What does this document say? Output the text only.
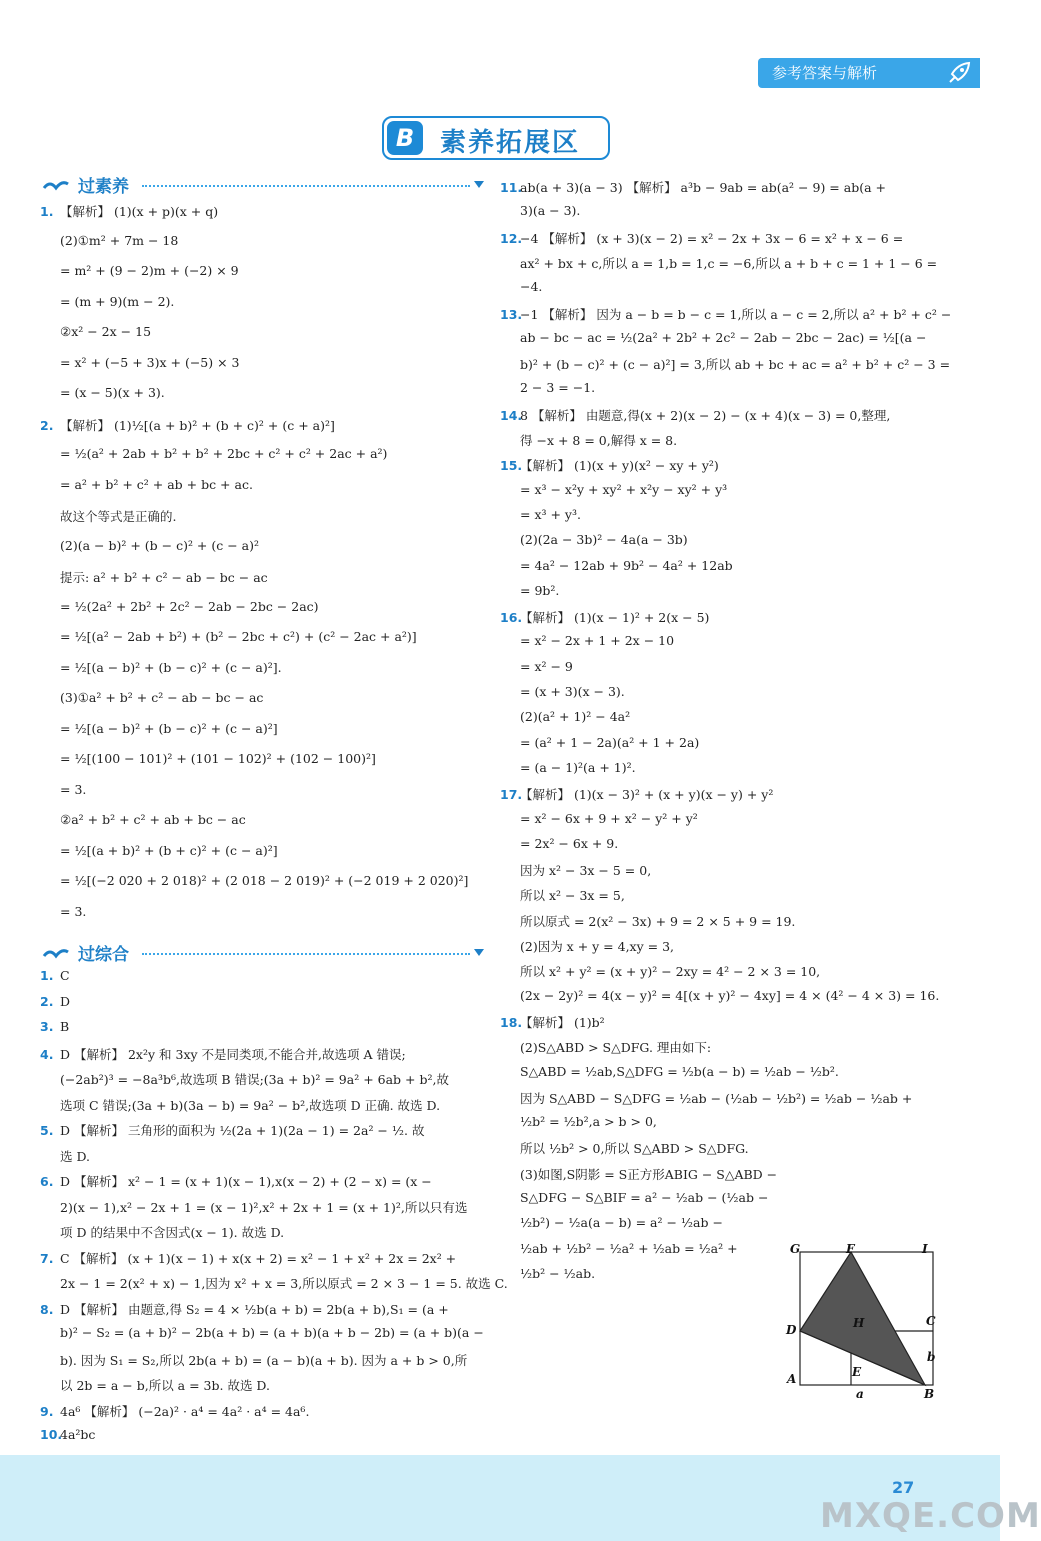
参考答案与解析
B 素养拓展区
过素养
过综合
1. 【解析】 (1)(x + p)(x + q)
(2)①m² + 7m − 18
= m² + (9 − 2)m + (−2) × 9
= (m + 9)(m − 2).
②x² − 2x − 15
= x² + (−5 + 3)x + (−5) × 3
= (x − 5)(x + 3).
2. 【解析】 (1)½[(a + b)² + (b + c)² + (c + a)²]
= ½(a² + 2ab + b² + b² + 2bc + c² + c² + 2ac + a²)
= a² + b² + c² + ab + bc + ac.
故这个等式是正确的.
(2)(a − b)² + (b − c)² + (c − a)²
提示: a² + b² + c² − ab − bc − ac
= ½(2a² + 2b² + 2c² − 2ab − 2bc − 2ac)
= ½[(a² − 2ab + b²) + (b² − 2bc + c²) + (c² − 2ac + a²)]
= ½[(a − b)² + (b − c)² + (c − a)²].
(3)①a² + b² + c² − ab − bc − ac
= ½[(a − b)² + (b − c)² + (c − a)²]
= ½[(100 − 101)² + (101 − 102)² + (102 − 100)²]
= 3.
②a² + b² + c² + ab + bc − ac
= ½[(a + b)² + (b + c)² + (c − a)²]
= ½[(−2 020 + 2 018)² + (2 018 − 2 019)² + (−2 019 + 2 020)²]
= 3.
1. C
2. D
3. B
4. D 【解析】 2x²y 和 3xy 不是同类项,不能合并,故选项 A 错误;
(−2ab²)³ = −8a³b⁶,故选项 B 错误;(3a + b)² = 9a² + 6ab + b²,故
选项 C 错误;(3a + b)(3a − b) = 9a² − b²,故选项 D 正确. 故选 D.
5. D 【解析】 三角形的面积为 ½(2a + 1)(2a − 1) = 2a² − ½. 故
选 D.
6. D 【解析】 x² − 1 = (x + 1)(x − 1),x(x − 2) + (2 − x) = (x −
2)(x − 1),x² − 2x + 1 = (x − 1)²,x² + 2x + 1 = (x + 1)²,所以只有选
项 D 的结果中不含因式(x − 1). 故选 D.
7. C 【解析】 (x + 1)(x − 1) + x(x + 2) = x² − 1 + x² + 2x = 2x² +
2x − 1 = 2(x² + x) − 1,因为 x² + x = 3,所以原式 = 2 × 3 − 1 = 5. 故选 C.
8. D 【解析】 由题意,得 S₂ = 4 × ½b(a + b) = 2b(a + b),S₁ = (a +
b)² − S₂ = (a + b)² − 2b(a + b) = (a + b)(a + b − 2b) = (a + b)(a −
b). 因为 S₁ = S₂,所以 2b(a + b) = (a − b)(a + b). 因为 a + b > 0,所
以 2b = a − b,所以 a = 3b. 故选 D.
9. 4a⁶ 【解析】 (−2a)² · a⁴ = 4a² · a⁴ = 4a⁶.
10.4a²bc
11.ab(a + 3)(a − 3) 【解析】 a³b − 9ab = ab(a² − 9) = ab(a +
3)(a − 3).
12.−4 【解析】 (x + 3)(x − 2) = x² − 2x + 3x − 6 = x² + x − 6 =
ax² + bx + c,所以 a = 1,b = 1,c = −6,所以 a + b + c = 1 + 1 − 6 =
−4.
13.−1 【解析】 因为 a − b = b − c = 1,所以 a − c = 2,所以 a² + b² + c² −
ab − bc − ac = ½(2a² + 2b² + 2c² − 2ab − 2bc − 2ac) = ½[(a −
b)² + (b − c)² + (c − a)²] = 3,所以 ab + bc + ac = a² + b² + c² − 3 =
2 − 3 = −1.
14.8 【解析】 由题意,得(x + 2)(x − 2) − (x + 4)(x − 3) = 0,整理,
得 −x + 8 = 0,解得 x = 8.
15.【解析】 (1)(x + y)(x² − xy + y²)
= x³ − x²y + xy² + x²y − xy² + y³
= x³ + y³.
(2)(2a − 3b)² − 4a(a − 3b)
= 4a² − 12ab + 9b² − 4a² + 12ab
= 9b².
16.【解析】 (1)(x − 1)² + 2(x − 5)
= x² − 2x + 1 + 2x − 10
= x² − 9
= (x + 3)(x − 3).
(2)(a² + 1)² − 4a²
= (a² + 1 − 2a)(a² + 1 + 2a)
= (a − 1)²(a + 1)².
17.【解析】 (1)(x − 3)² + (x + y)(x − y) + y²
= x² − 6x + 9 + x² − y² + y²
= 2x² − 6x + 9.
因为 x² − 3x − 5 = 0,
所以 x² − 3x = 5,
所以原式 = 2(x² − 3x) + 9 = 2 × 5 + 9 = 19.
(2)因为 x + y = 4,xy = 3,
所以 x² + y² = (x + y)² − 2xy = 4² − 2 × 3 = 10,
(2x − 2y)² = 4(x − y)² = 4[(x + y)² − 4xy] = 4 × (4² − 4 × 3) = 16.
18.【解析】 (1)b²
(2)S△ABD > S△DFG. 理由如下:
S△ABD = ½ab,S△DFG = ½b(a − b) = ½ab − ½b².
因为 S△ABD − S△DFG = ½ab − (½ab − ½b²) = ½ab − ½ab +
½b² = ½b²,a > b > 0,
所以 ½b² > 0,所以 S△ABD > S△DFG.
(3)如图,S阴影 = S正方形ABIG − S△ABD −
S△DFG − S△BIF = a² − ½ab − (½ab −
½b²) − ½a(a − b) = a² − ½ab −
½ab + ½b² − ½a² + ½ab = ½a² +
½b² − ½ab.
G	F	I
D	H	C
b
A	E
a	B
27
MXQE.COM
